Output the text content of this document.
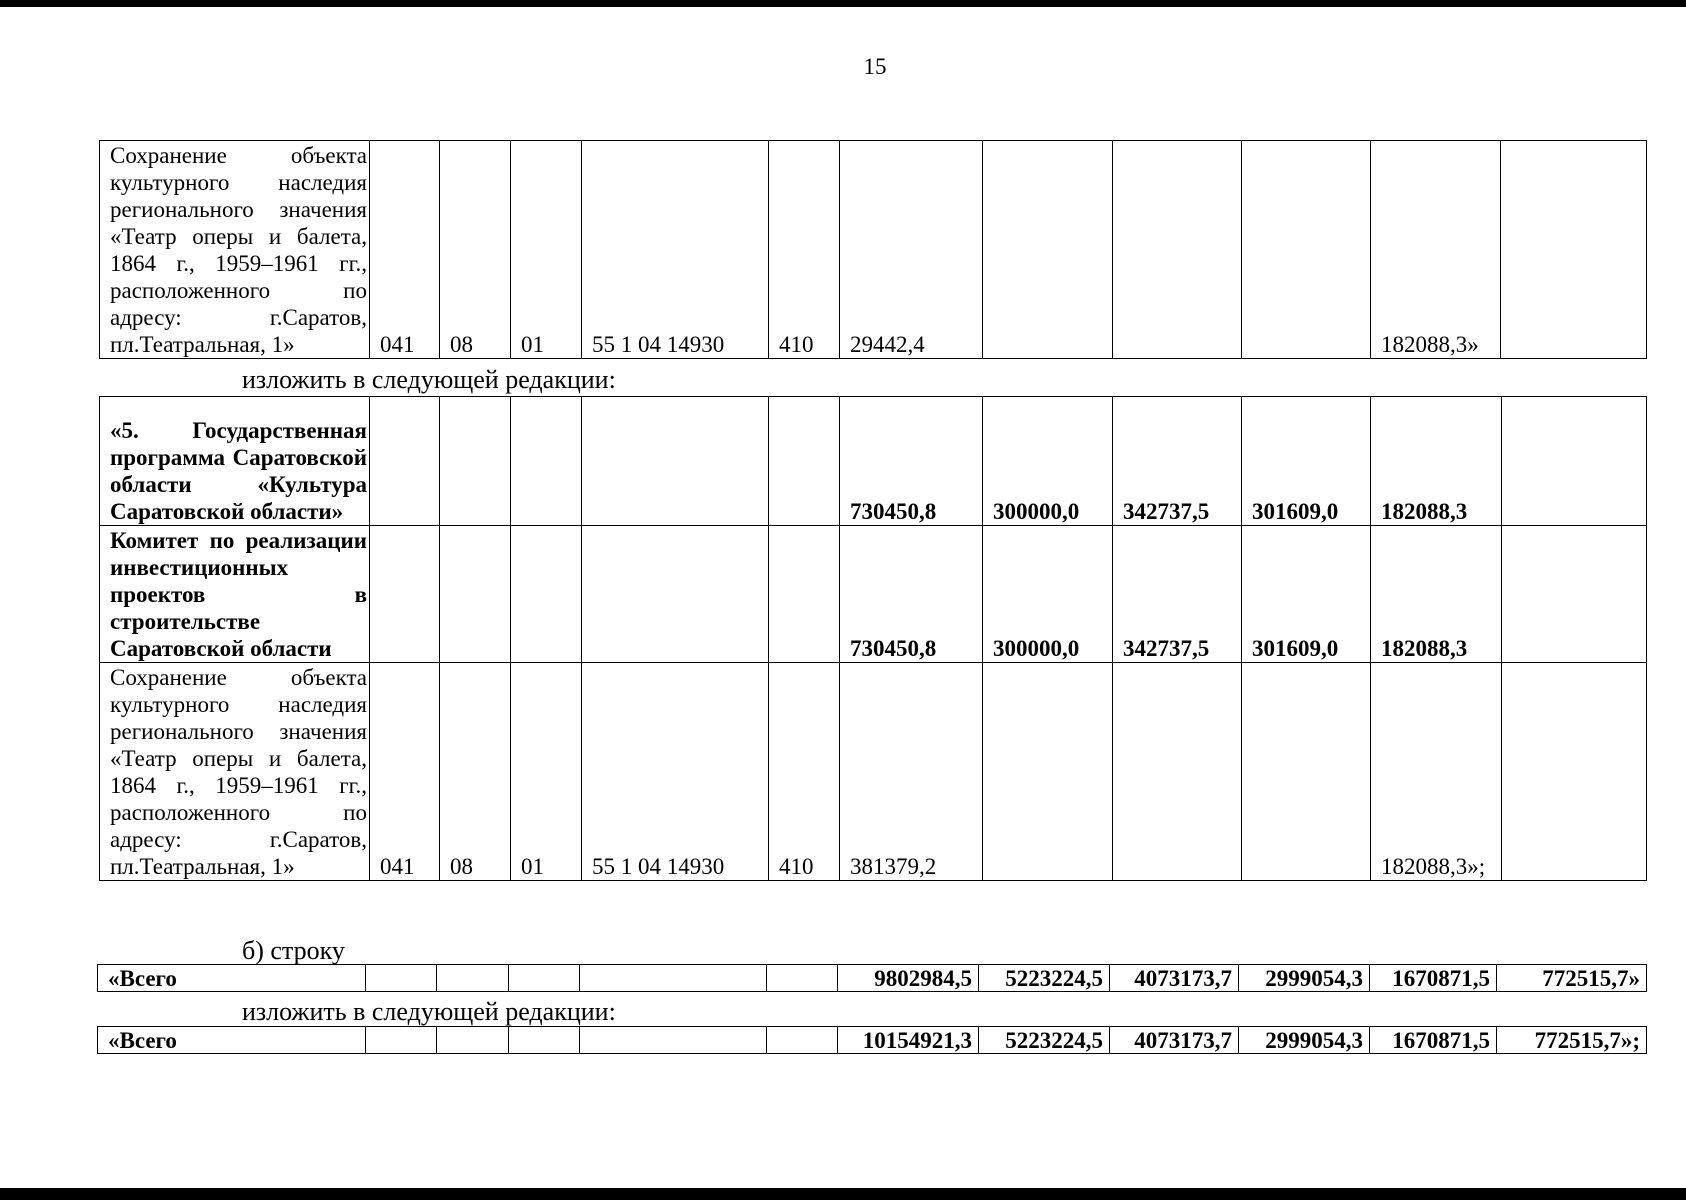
15
Сохранение объекта культурного наследия регионального значения «Театр оперы и балета, 1864 г., 1959–1961 гг., расположенного по адресу: г.Саратов, пл.Театральная, 1»	041	08	01	55 1 04 14930	410	29442,4				182088,3»	
изложить в следующей редакции:
«5. Государственная программа Саратовской области «Культура Саратовской области»						730450,8	300000,0	342737,5	301609,0	182088,3	
Комитет по реализации инвестиционных проектов в строительстве Саратовской области						730450,8	300000,0	342737,5	301609,0	182088,3	
Сохранение объекта культурного наследия регионального значения «Театр оперы и балета, 1864 г., 1959–1961 гг., расположенного по адресу: г.Саратов, пл.Театральная, 1»	041	08	01	55 1 04 14930	410	381379,2				182088,3»;	
б) строку
«Всего						9802984,5	5223224,5	4073173,7	2999054,3	1670871,5	772515,7»
изложить в следующей редакции:
«Всего						10154921,3	5223224,5	4073173,7	2999054,3	1670871,5	772515,7»;
